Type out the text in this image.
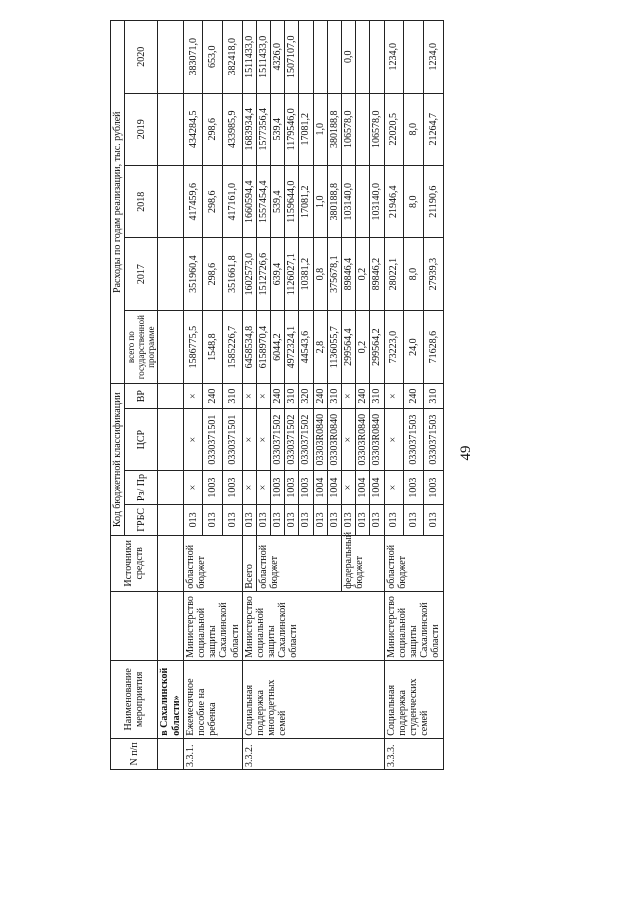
49
N п/п	Наименование мероприятия		Источники средств	Код бюджетной классификации				Расходы по годам реализации, тыс. рублей				
				ГРБС	Рз/ Пр	ЦСР	ВР	всего по государственной программе	2017	2018	2019	2020
	в Сахалинской области»											
3.3.1.	Ежемесячное пособие на ребенка	Министерство социальной защиты Сахалинской области	областной бюджет	013	×	×	×	1586775,5	351960,4	417459,6	434284,5	383071,0
				013	1003	0330371501	240	1548,8	298,6	298,6	298,6	653,0
				013	1003	0330371501	310	1585226,7	351661,8	417161,0	433985,9	382418,0
3.3.2.	Социальная поддержка многодетных семей	Министерство социальной защиты Сахалинской области	Всего	013	×	×	×	6458534,8	1602573,0	1660594,4	1683934,4	1511433,0
			областной бюджет	013	×	×	×	6158970,4	1512726,6	1557454,4	1577356,4	1511433,0
				013	1003	0330371502	240	6044,2	639,4	539,4	539,4	4326,0
				013	1003	0330371502	310	4972324,1	1126027,1	1159644,0	1179546,0	1507107,0
				013	1003	0330371502	320	44543,6	10381,2	17081,2	17081,2	
				013	1004	03303R0840	240	2,8	0,8	1,0	1,0	
				013	1004	03303R0840	310	1136055,7	375678,1	380188,8	380188,8	
			федеральный бюджет	013	×	×	×	299564,4	89846,4	103140,0	106578,0	0,0
				013	1004	03303R0840	240	0,2	0,2			
				013	1004	03303R0840	310	299564,2	89846,2	103140,0	106578,0	
3.3.3.	Социальная поддержка студенческих семей	Министерство социальной защиты Сахалинской области	областной бюджет	013	×	×	×	73223,0	28022,1	21946,4	22020,5	1234,0
				013	1003	0330371503	240	24,0	8,0	8,0	8,0	
				013	1003	0330371503	310	71628,6	27939,3	21190,6	21264,7	1234,0
